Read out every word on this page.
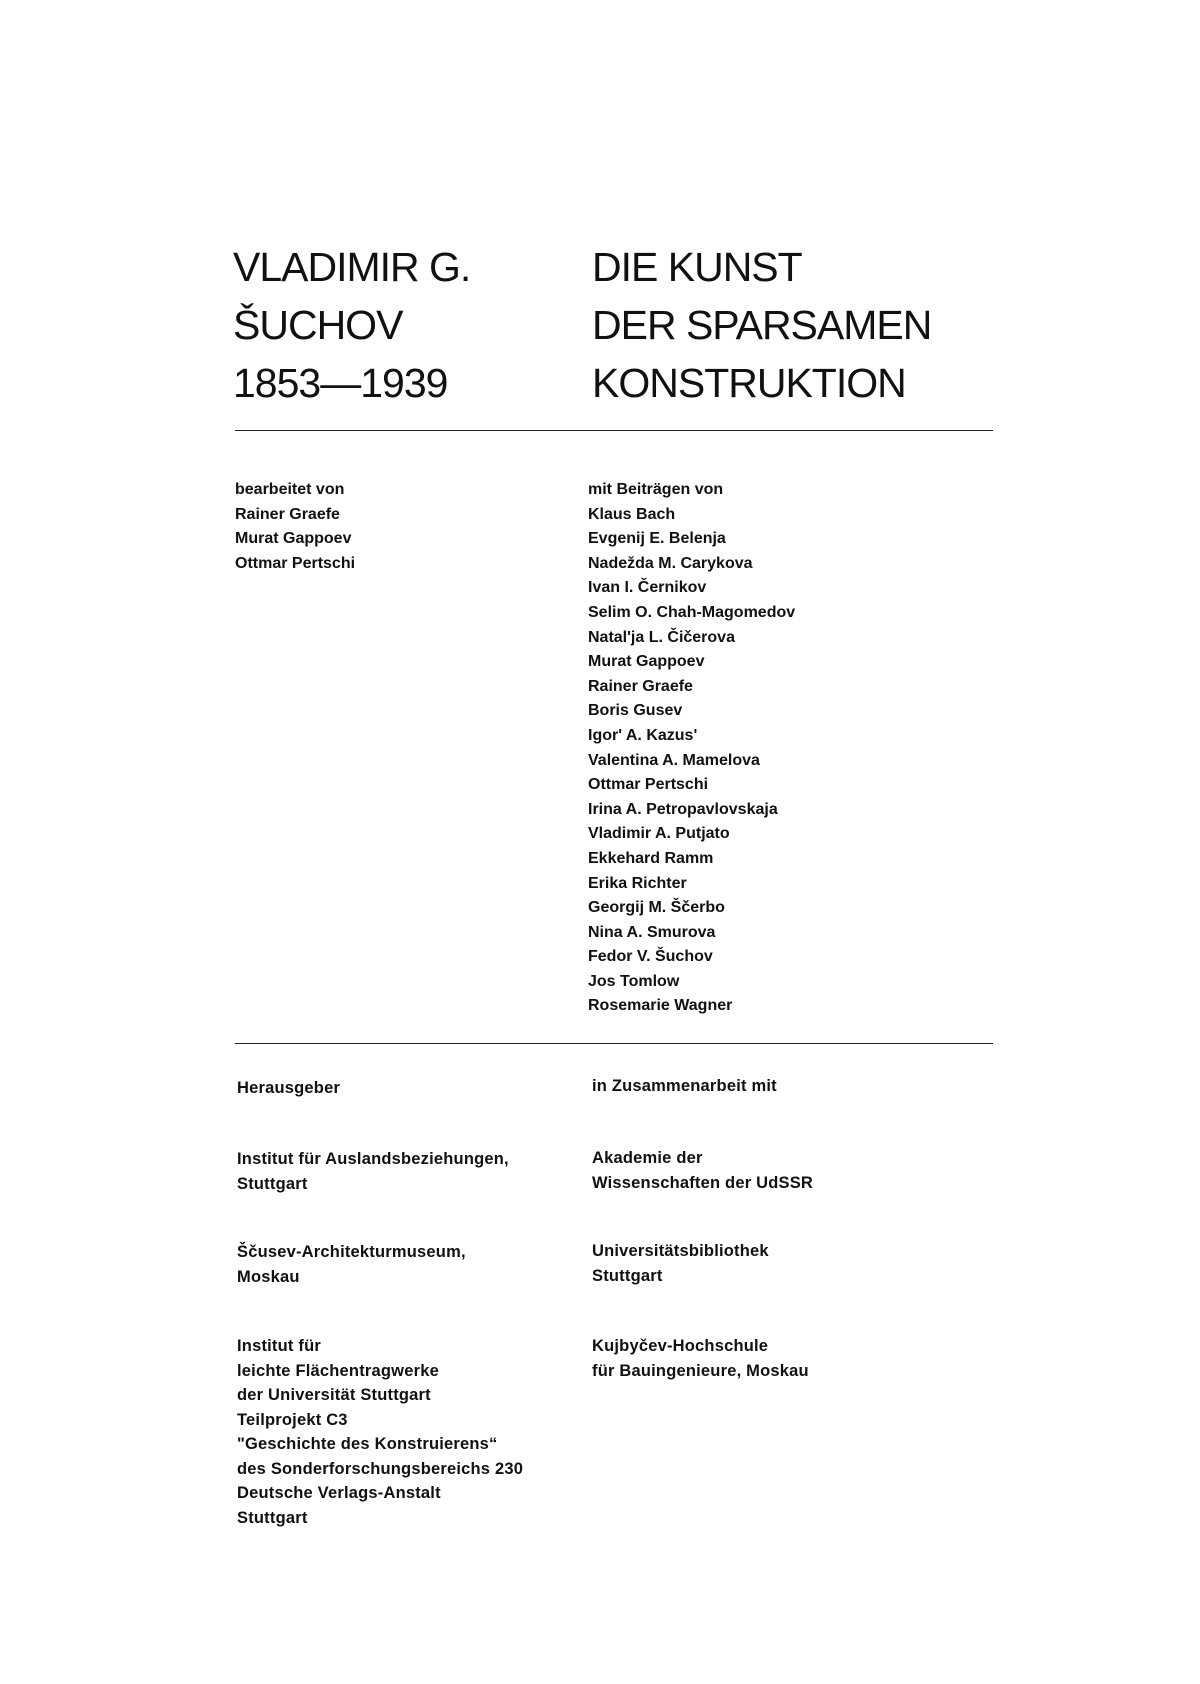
VLADIMIR G.
ŠUCHOV
1853—1939
DIE KUNST
DER SPARSAMEN
KONSTRUKTION
bearbeitet von
Rainer Graefe
Murat Gappoev
Ottmar Pertschi
mit Beiträgen von
Klaus Bach
Evgenij E. Belenja
Nadežda M. Carykova
Ivan I. Černikov
Selim O. Chah-Magomedov
Natal'ja L. Čičerova
Murat Gappoev
Rainer Graefe
Boris Gusev
Igor' A. Kazus'
Valentina A. Mamelova
Ottmar Pertschi
Irina A. Petropavlovskaja
Vladimir A. Putjato
Ekkehard Ramm
Erika Richter
Georgij M. Ščerbo
Nina A. Smurova
Fedor V. Šuchov
Jos Tomlow
Rosemarie Wagner
Herausgeber	in Zusammenarbeit mit
Institut für Auslandsbeziehungen,
Stuttgart
Ščusev-Architekturmuseum,
Moskau
Institut für
leichte Flächentragwerke
der Universität Stuttgart
Teilprojekt C3
"Geschichte des Konstruierens“
des Sonderforschungsbereichs 230
Deutsche Verlags-Anstalt
Stuttgart
Akademie der
Wissenschaften der UdSSR
Universitätsbibliothek
Stuttgart
Kujbyčev-Hochschule
für Bauingenieure, Moskau
